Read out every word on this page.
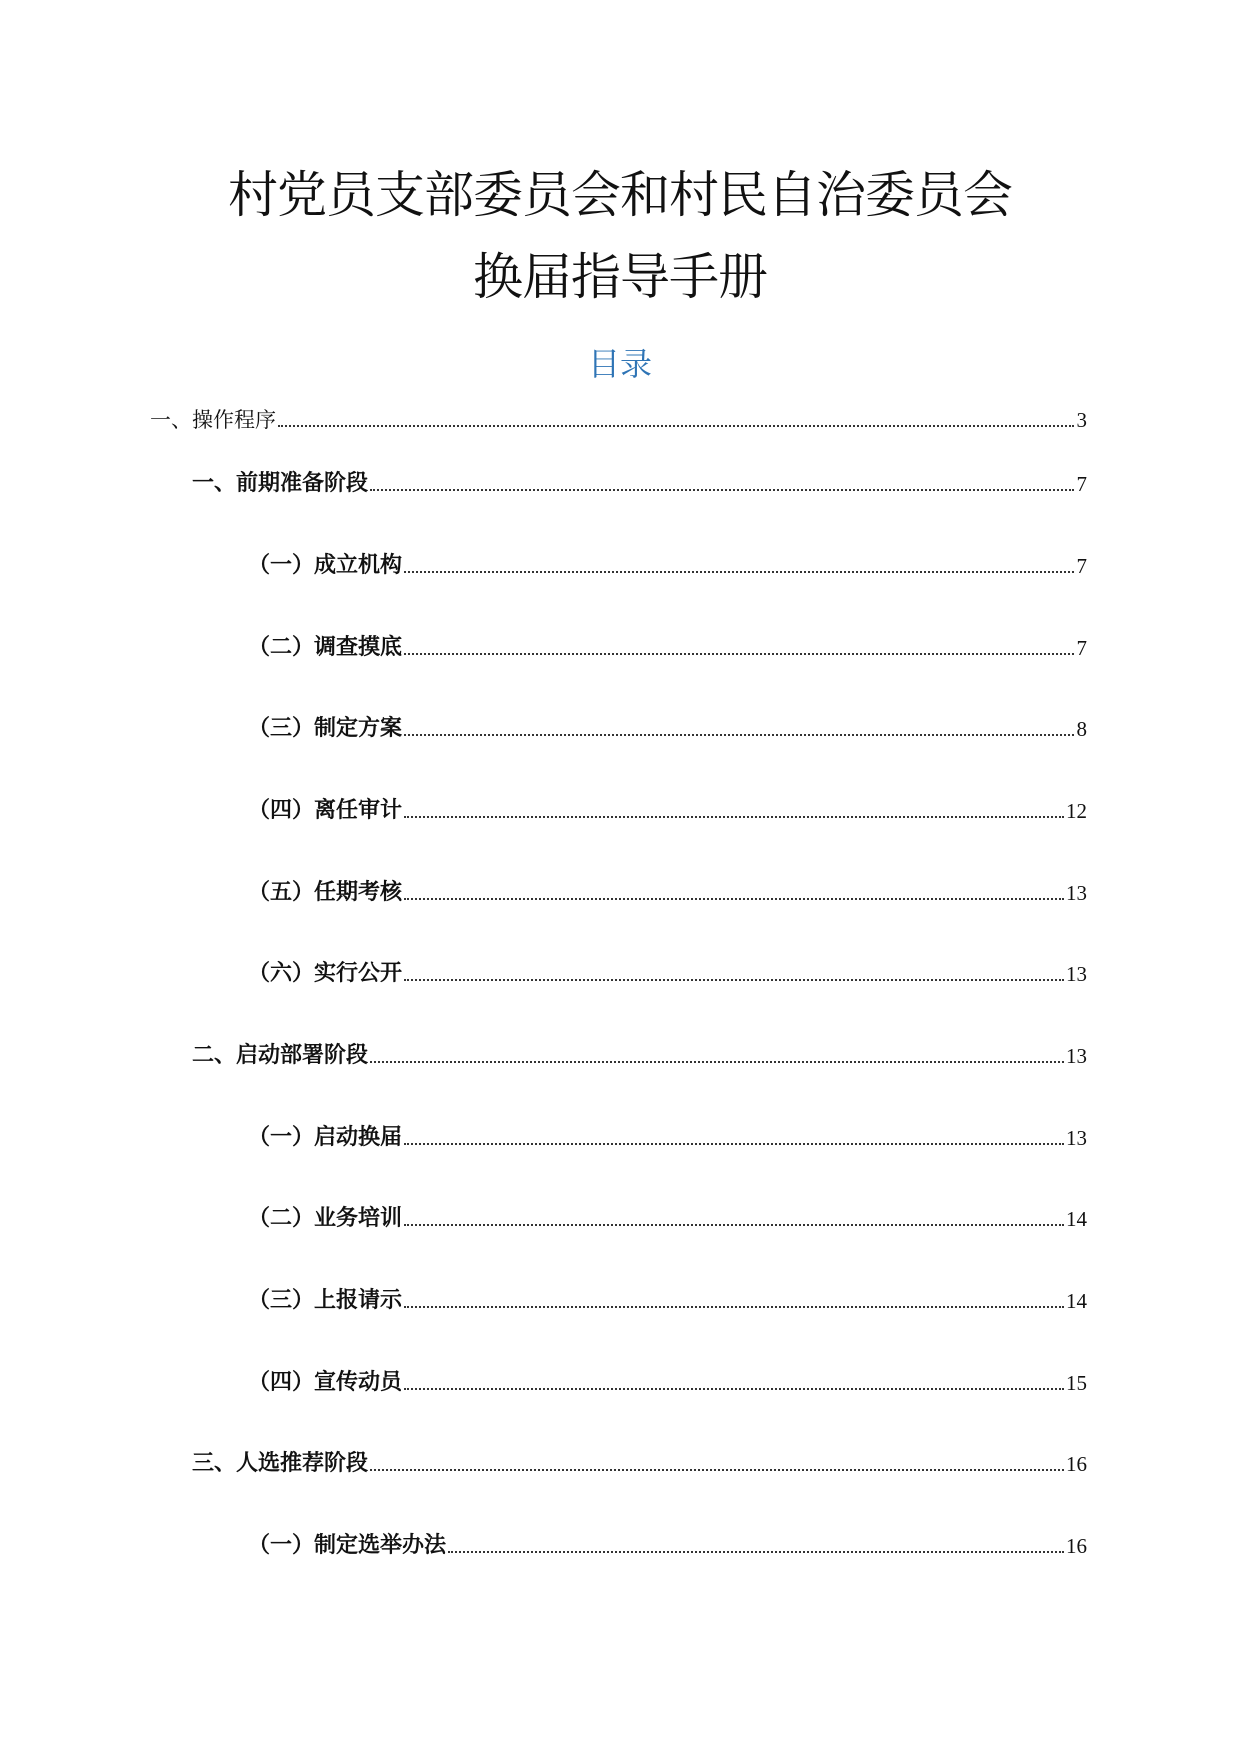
村党员支部委员会和村民自治委员会
换届指导手册
目录
一、操作程序	3
一、前期准备阶段	7
（一）成立机构	7
（二）调查摸底	7
（三）制定方案	8
（四）离任审计	12
（五）任期考核	13
（六）实行公开	13
二、启动部署阶段	13
（一）启动换届	13
（二）业务培训	14
（三）上报请示	14
（四）宣传动员	15
三、人选推荐阶段	16
（一）制定选举办法	16
